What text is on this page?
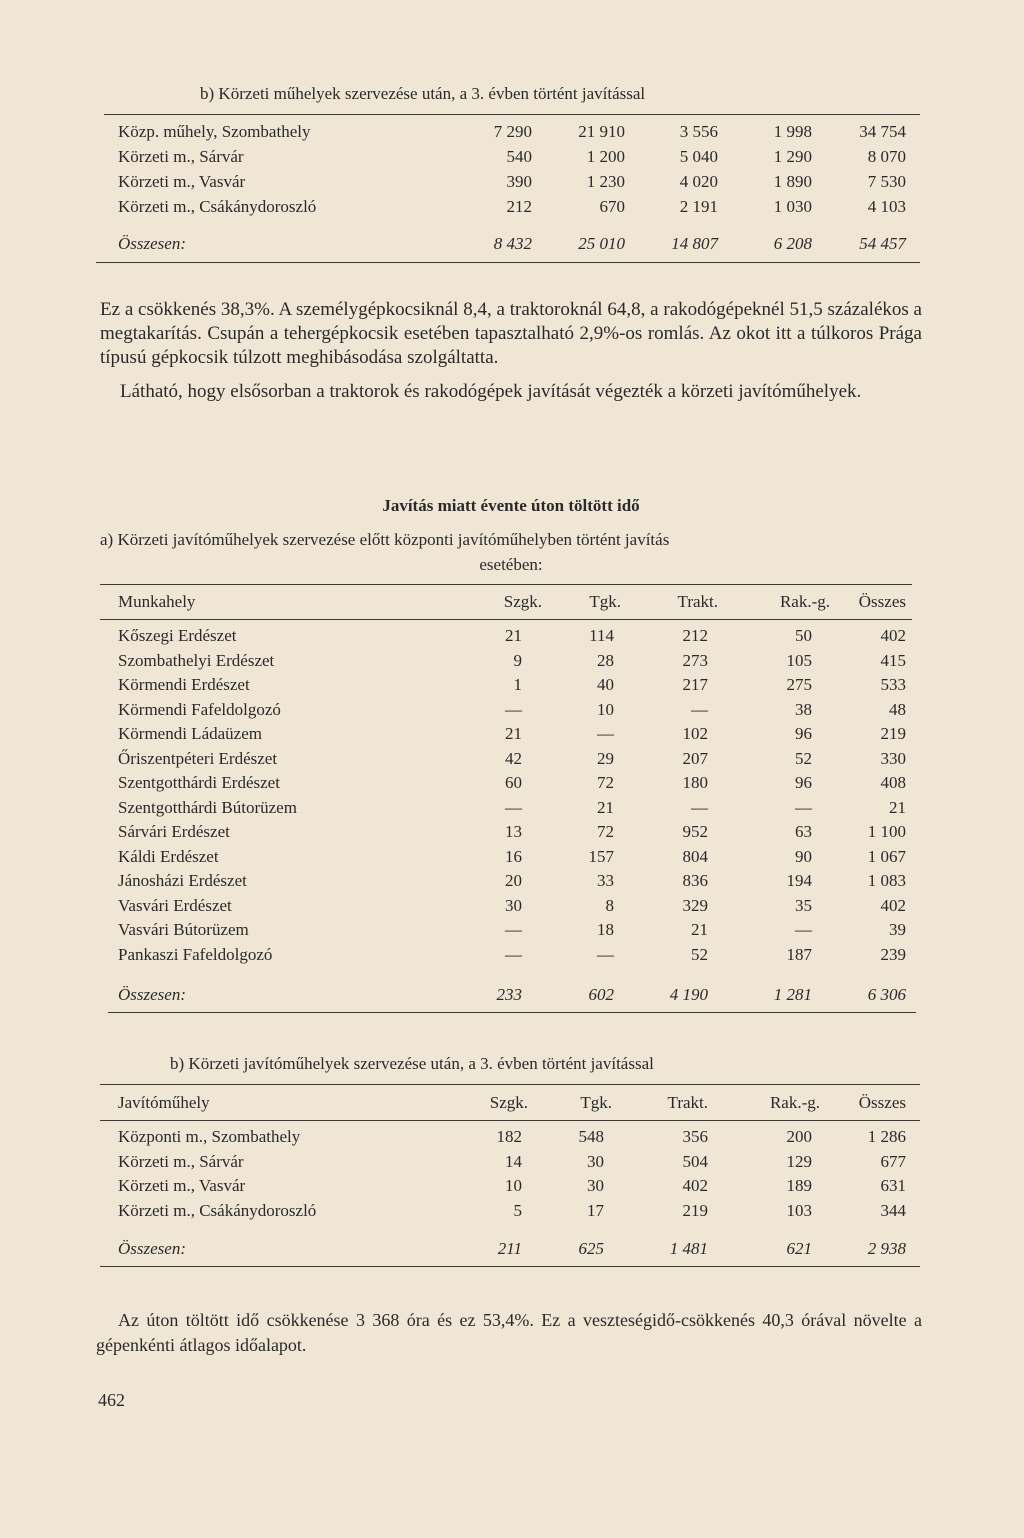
b) Körzeti műhelyek szervezése után, a 3. évben történt javítással
Közp. műhely, Szombathely	7 290	21 910	3 556	1 998	34 754
Körzeti m., Sárvár	540	1 200	5 040	1 290	8 070
Körzeti m., Vasvár	390	1 230	4 020	1 890	7 530
Körzeti m., Csákánydoroszló	212	670	2 191	1 030	4 103
Összesen:	8 432	25 010	14 807	6 208	54 457

Ez a csökkenés 38,3%. A személygépkocsiknál 8,4, a traktoroknál 64,8, a rakodógépeknél 51,5 százalékos a megtakarítás. Csupán a tehergépkocsik esetében tapasztalható 2,9%-os romlás. Az okot itt a túlkoros Prága típusú gépkocsik túlzott meghibásodása szolgáltatta.

Látható, hogy elsősorban a traktorok és rakodógépek javítását végezték a körzeti javítóműhelyek.

Javítás miatt évente úton töltött idő
a) Körzeti javítóműhelyek szervezése előtt központi javítóműhelyben történt javítás
esetében:
Munkahely	Szgk.	Tgk.	Trakt.	Rak.-g.	Összes
Kőszegi Erdészet	21	114	212	50	402
Szombathelyi Erdészet	9	28	273	105	415
Körmendi Erdészet	1	40	217	275	533
Körmendi Fafeldolgozó	—	10	—	38	48
Körmendi Ládaüzem	21	—	102	96	219
Őriszentpéteri Erdészet	42	29	207	52	330
Szentgotthárdi Erdészet	60	72	180	96	408
Szentgotthárdi Bútorüzem	—	21	—	—	21
Sárvári Erdészet	13	72	952	63	1 100
Káldi Erdészet	16	157	804	90	1 067
Jánosházi Erdészet	20	33	836	194	1 083
Vasvári Erdészet	30	8	329	35	402
Vasvári Bútorüzem	—	18	21	—	39
Pankaszi Fafeldolgozó	—	—	52	187	239
Összesen:	233	602	4 190	1 281	6 306
b) Körzeti javítóműhelyek szervezése után, a 3. évben történt javítással
Javítóműhely	Szgk.	Tgk.	Trakt.	Rak.-g.	Összes
Központi m., Szombathely	182	548	356	200	1 286
Körzeti m., Sárvár	14	30	504	129	677
Körzeti m., Vasvár	10	30	402	189	631
Körzeti m., Csákánydoroszló	5	17	219	103	344
Összesen:	211	625	1 481	621	2 938

Az úton töltött idő csökkenése 3 368 óra és ez 53,4%. Ez a veszteségidő-csökkenés 40,3 órával növelte a gépenkénti átlagos időalapot.

462
